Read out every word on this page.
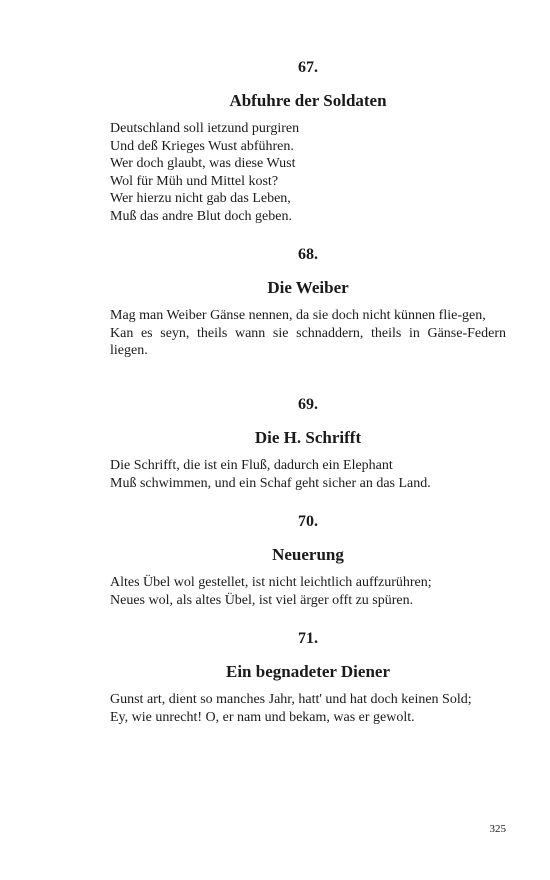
67.
Abfuhre der Soldaten
Deutschland soll ietzund purgiren
Und deß Krieges Wust abführen.
Wer doch glaubt, was diese Wust
Wol für Müh und Mittel kost?
Wer hierzu nicht gab das Leben,
Muß das andre Blut doch geben.
68.
Die Weiber
Mag man Weiber Gänse nennen, da sie doch nicht künnen flie-gen,
Kan es seyn, theils wann sie schnaddern, theils in Gänse-Federn liegen.
69.
Die H. Schrifft
Die Schrifft, die ist ein Fluß, dadurch ein Elephant
Muß schwimmen, und ein Schaf geht sicher an das Land.
70.
Neuerung
Altes Übel wol gestellet, ist nicht leichtlich auffzurühren;
Neues wol, als altes Übel, ist viel ärger offt zu spüren.
71.
Ein begnadeter Diener
Gunst art, dient so manches Jahr, hatt' und hat doch keinen Sold;
Ey, wie unrecht! O, er nam und bekam, was er gewolt.
325
